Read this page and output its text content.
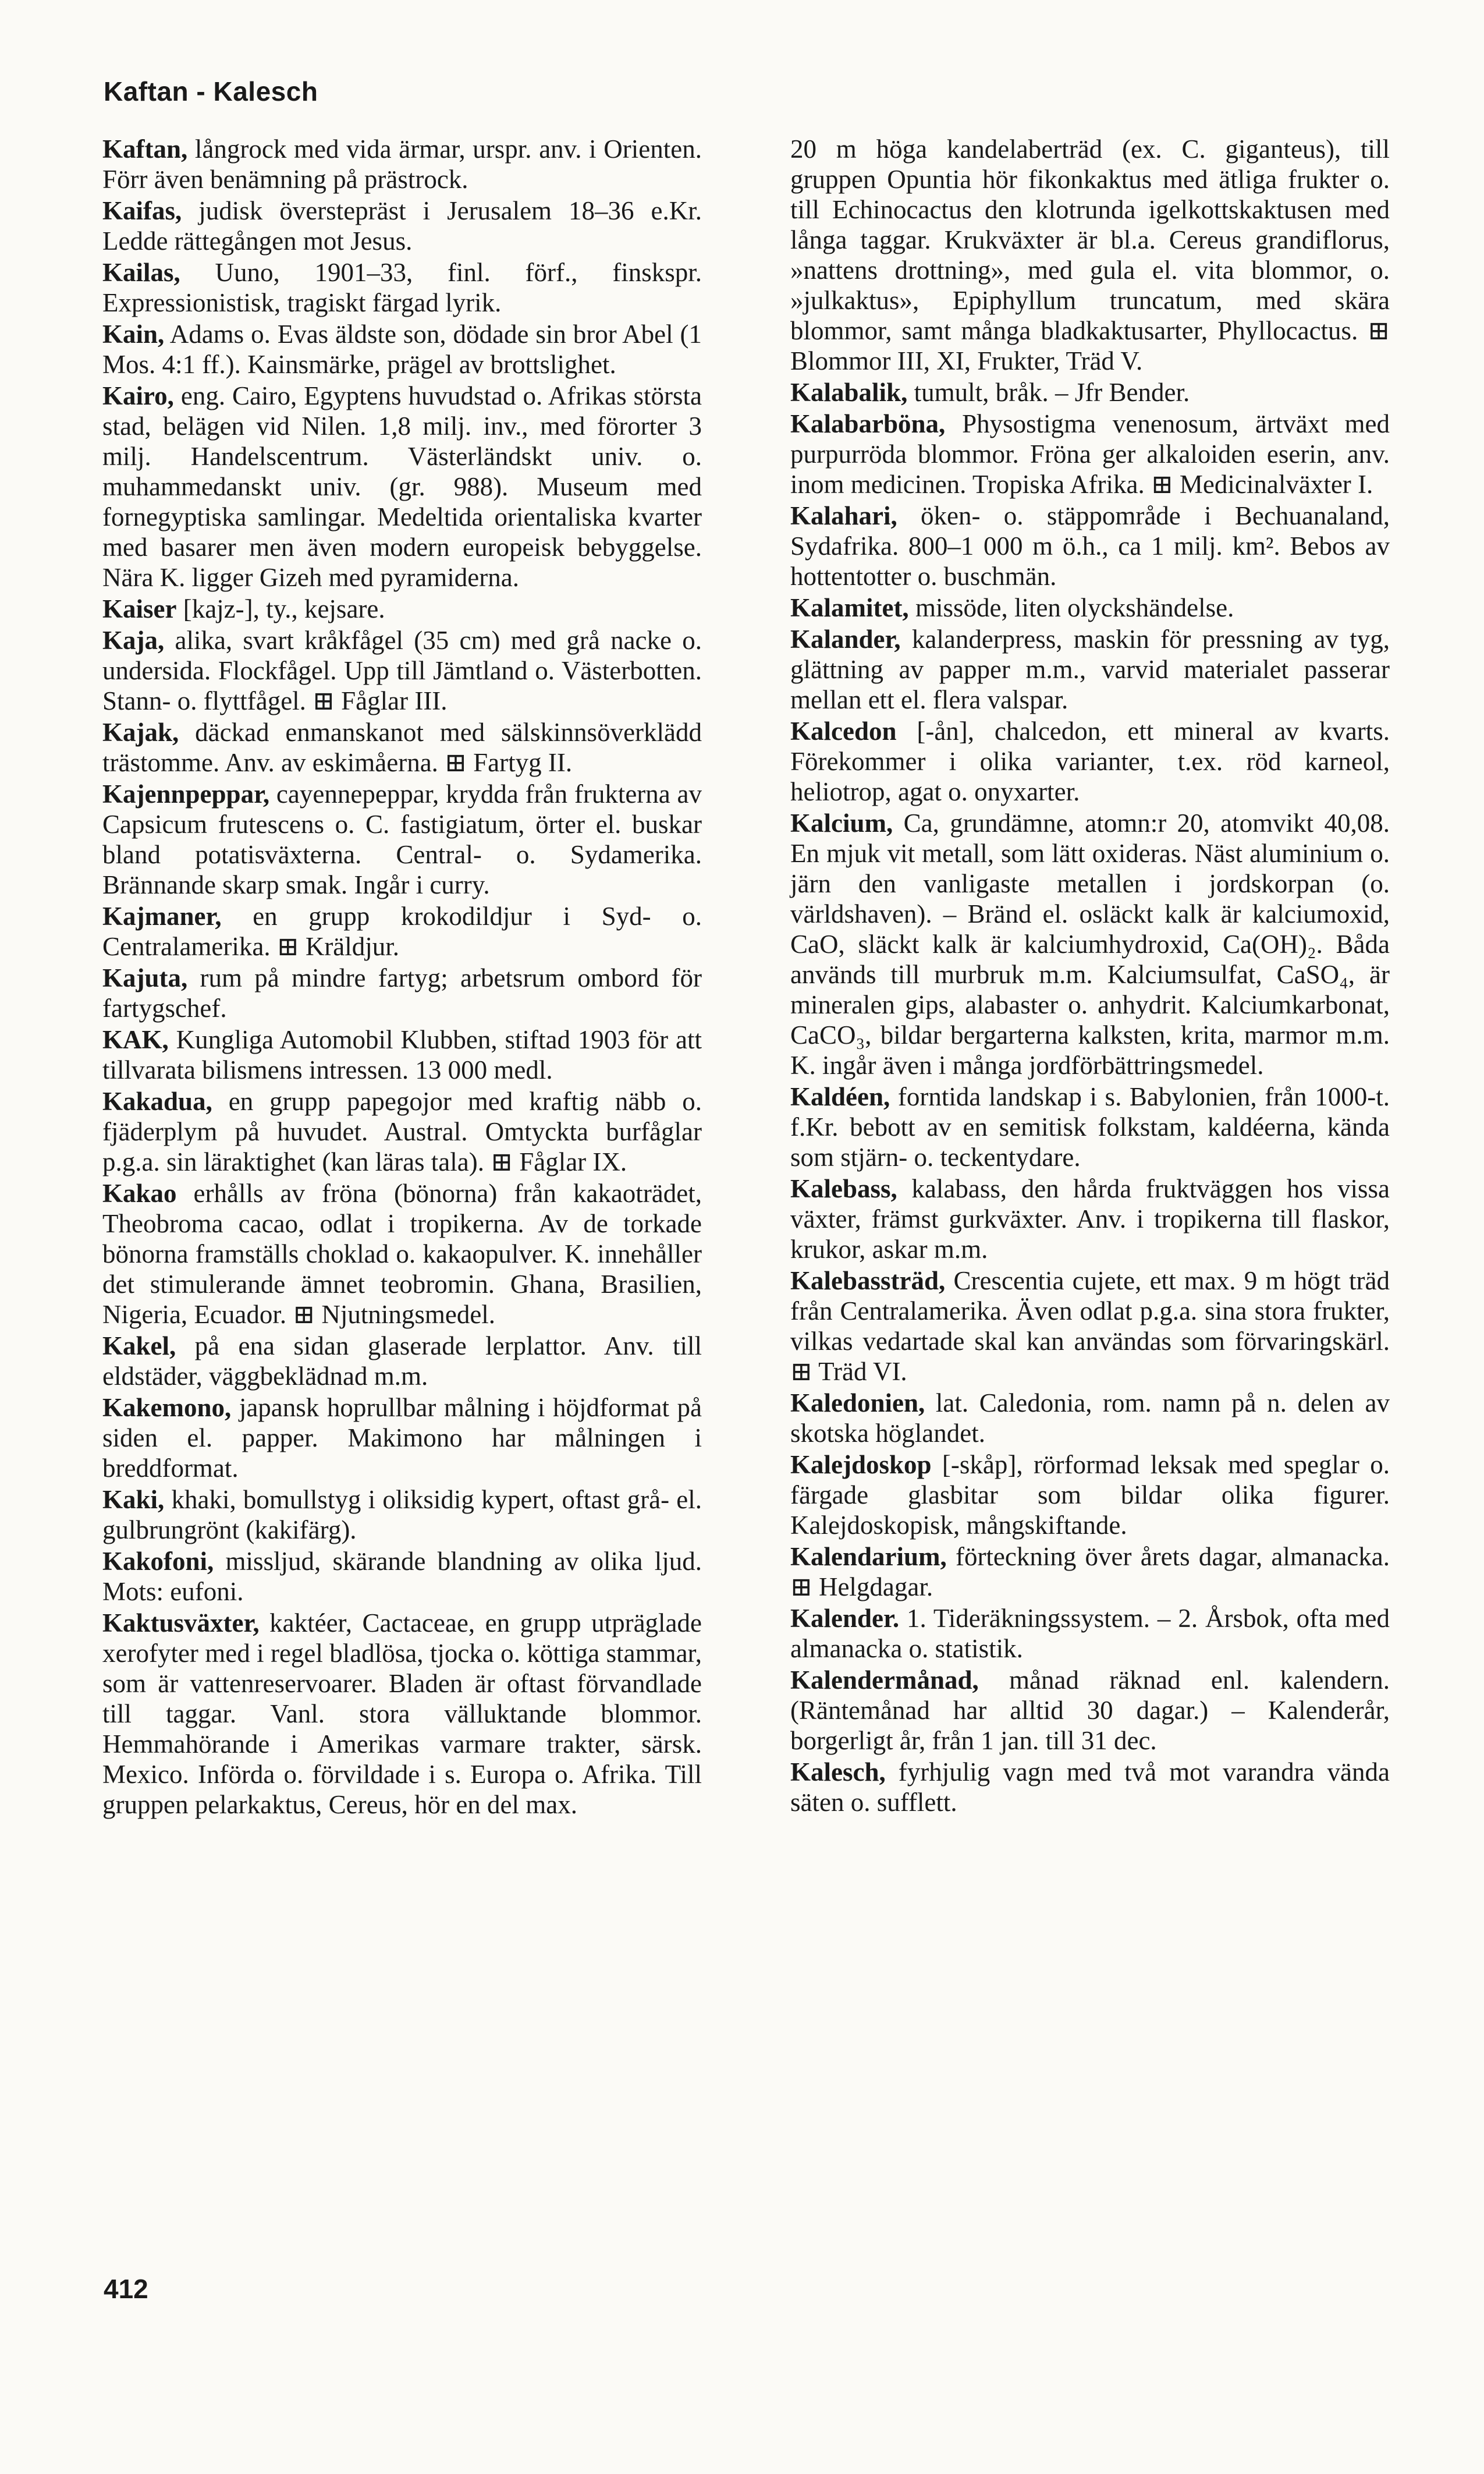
Kaftan - Kalesch

Kaftan, långrock med vida ärmar, urspr. anv. i Orienten. Förr även benämning på prästrock.

Kaifas, judisk överstepräst i Jerusalem 18–36 e.Kr. Ledde rättegången mot Jesus.

Kailas, Uuno, 1901–33, finl. förf., finskspr. Expressionistisk, tragiskt färgad lyrik.

Kain, Adams o. Evas äldste son, dödade sin bror Abel (1 Mos. 4:1 ff.). Kainsmärke, prägel av brottslighet.

Kairo, eng. Cairo, Egyptens huvudstad o. Afrikas största stad, belägen vid Nilen. 1,8 milj. inv., med förorter 3 milj. Handelscentrum. Västerländskt univ. o. muhammedanskt univ. (gr. 988). Museum med fornegyptiska samlingar. Medeltida orientaliska kvarter med basarer men även modern europeisk bebyggelse. Nära K. ligger Gizeh med pyramiderna.

Kaiser [kajz-], ty., kejsare.

Kaja, alika, svart kråkfågel (35 cm) med grå nacke o. undersida. Flockfågel. Upp till Jämtland o. Västerbotten. Stann- o. flyttfågel. ⊞ Fåglar III.

Kajak, däckad enmanskanot med sälskinnsöverklädd trästomme. Anv. av eskimåerna. ⊞ Fartyg II.

Kajennpeppar, cayennepeppar, krydda från frukterna av Capsicum frutescens o. C. fastigiatum, örter el. buskar bland potatisväxterna. Central- o. Sydamerika. Brännande skarp smak. Ingår i curry.

Kajmaner, en grupp krokodildjur i Syd- o. Centralamerika. ⊞ Kräldjur.

Kajuta, rum på mindre fartyg; arbetsrum ombord för fartygschef.

KAK, Kungliga Automobil Klubben, stiftad 1903 för att tillvarata bilismens intressen. 13 000 medl.

Kakadua, en grupp papegojor med kraftig näbb o. fjäderplym på huvudet. Austral. Omtyckta burfåglar p.g.a. sin läraktighet (kan läras tala). ⊞ Fåglar IX.

Kakao erhålls av fröna (bönorna) från kakaoträdet, Theobroma cacao, odlat i tropikerna. Av de torkade bönorna framställs choklad o. kakaopulver. K. innehåller det stimulerande ämnet teobromin. Ghana, Brasilien, Nigeria, Ecuador. ⊞ Njutningsmedel.

Kakel, på ena sidan glaserade lerplattor. Anv. till eldstäder, väggbeklädnad m.m.

Kakemono, japansk hoprullbar målning i höjdformat på siden el. papper. Makimono har målningen i breddformat.

Kaki, khaki, bomullstyg i oliksidig kypert, oftast grå- el. gulbrungrönt (kakifärg).

Kakofoni, missljud, skärande blandning av olika ljud. Mots: eufoni.

Kaktusväxter, kaktéer, Cactaceae, en grupp utpräglade xerofyter med i regel bladlösa, tjocka o. köttiga stammar, som är vattenreservoarer. Bladen är oftast förvandlade till taggar. Vanl. stora välluktande blommor. Hemmahörande i Amerikas varmare trakter, särsk. Mexico. Införda o. förvildade i s. Europa o. Afrika. Till gruppen pelarkaktus, Cereus, hör en del max.

20 m höga kandelaberträd (ex. C. giganteus), till gruppen Opuntia hör fikonkaktus med ätliga frukter o. till Echinocactus den klotrunda igelkottskaktusen med långa taggar. Krukväxter är bl.a. Cereus grandiflorus, »nattens drottning», med gula el. vita blommor, o. »julkaktus», Epiphyllum truncatum, med skära blommor, samt många bladkaktusarter, Phyllocactus. ⊞ Blommor III, XI, Frukter, Träd V.

Kalabalik, tumult, bråk. – Jfr Bender.

Kalabarböna, Physostigma venenosum, ärtväxt med purpurröda blommor. Fröna ger alkaloiden eserin, anv. inom medicinen. Tropiska Afrika. ⊞ Medicinalväxter I.

Kalahari, öken- o. stäppområde i Bechuanaland, Sydafrika. 800–1 000 m ö.h., ca 1 milj. km². Bebos av hottentotter o. buschmän.

Kalamitet, missöde, liten olyckshändelse.

Kalander, kalanderpress, maskin för pressning av tyg, glättning av papper m.m., varvid materialet passerar mellan ett el. flera valspar.

Kalcedon [-ån], chalcedon, ett mineral av kvarts. Förekommer i olika varianter, t.ex. röd karneol, heliotrop, agat o. onyxarter.

Kalcium, Ca, grundämne, atomn:r 20, atomvikt 40,08. En mjuk vit metall, som lätt oxideras. Näst aluminium o. järn den vanligaste metallen i jordskorpan (o. världshaven). – Bränd el. osläckt kalk är kalciumoxid, CaO, släckt kalk är kalciumhydroxid, Ca(OH)₂. Båda används till murbruk m.m. Kalciumsulfat, CaSO₄, är mineralen gips, alabaster o. anhydrit. Kalciumkarbonat, CaCO₃, bildar bergarterna kalksten, krita, marmor m.m. K. ingår även i många jordförbättringsmedel.

Kaldéen, forntida landskap i s. Babylonien, från 1000-t. f.Kr. bebott av en semitisk folkstam, kaldéerna, kända som stjärn- o. teckentydare.

Kalebass, kalabass, den hårda fruktväggen hos vissa växter, främst gurkväxter. Anv. i tropikerna till flaskor, krukor, askar m.m.

Kalebassträd, Crescentia cujete, ett max. 9 m högt träd från Centralamerika. Även odlat p.g.a. sina stora frukter, vilkas vedartade skal kan användas som förvaringskärl. ⊞ Träd VI.

Kaledonien, lat. Caledonia, rom. namn på n. delen av skotska höglandet.

Kalejdoskop [-skåp], rörformad leksak med speglar o. färgade glasbitar som bildar olika figurer. Kalejdoskopisk, mångskiftande.

Kalendarium, förteckning över årets dagar, almanacka. ⊞ Helgdagar.

Kalender. 1. Tideräkningssystem. – 2. Årsbok, ofta med almanacka o. statistik.

Kalendermånad, månad räknad enl. kalendern. (Räntemånad har alltid 30 dagar.) – Kalenderår, borgerligt år, från 1 jan. till 31 dec.

Kalesch, fyrhjulig vagn med två mot varandra vända säten o. sufflett.

412
